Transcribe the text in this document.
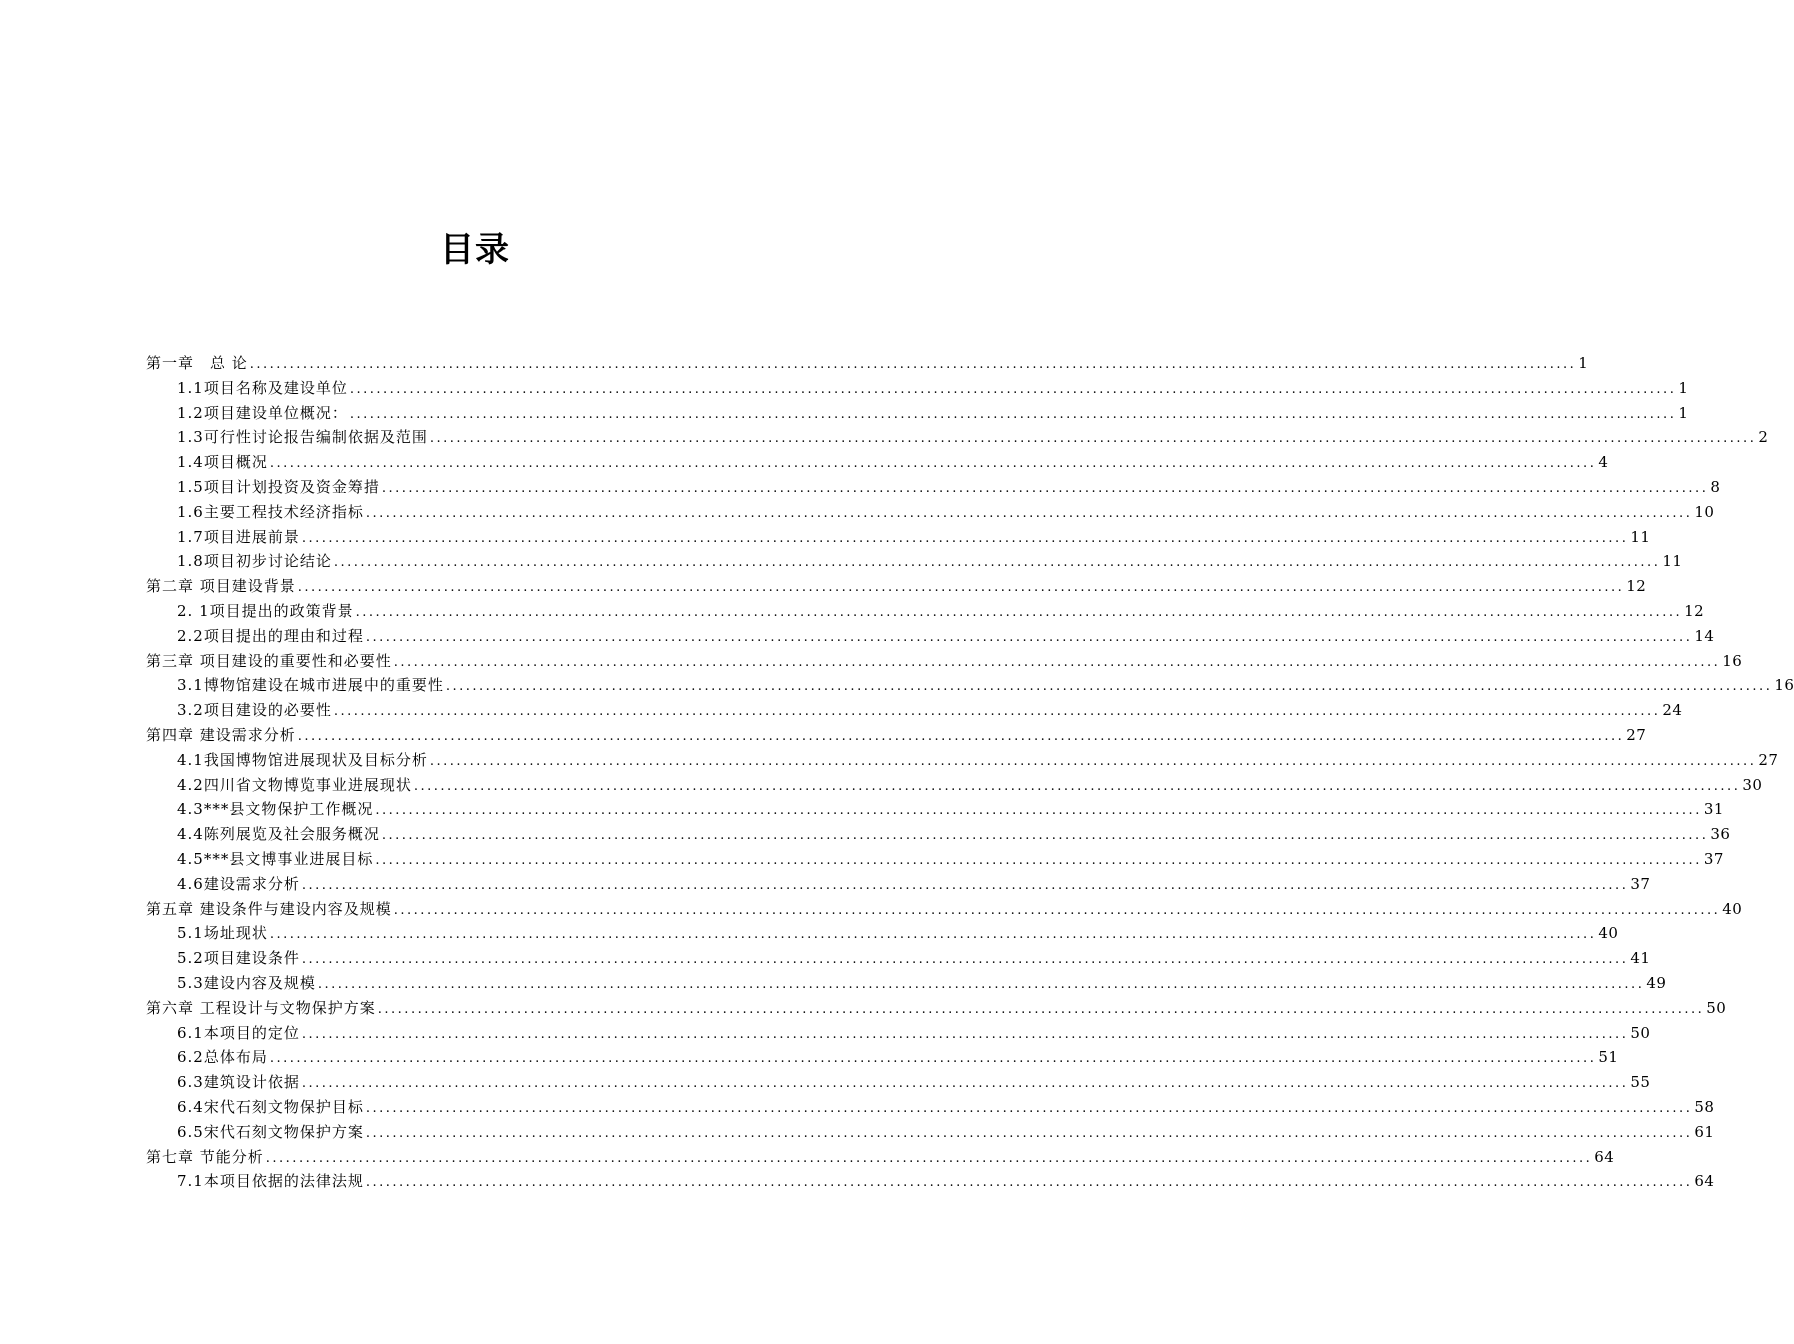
目录
第一章　总 论 ........................................................................................................................................................................................................ 1
1.1项目名称及建设单位 ........................................................................................................................................................................................................ 1
1.2项目建设单位概况： ........................................................................................................................................................................................................ 1
1.3可行性讨论报告编制依据及范围 ........................................................................................................................................................................................................ 2
1.4项目概况 ........................................................................................................................................................................................................ 4
1.5项目计划投资及资金筹措 ........................................................................................................................................................................................................ 8
1.6主要工程技术经济指标 ........................................................................................................................................................................................................ 10
1.7项目进展前景 ........................................................................................................................................................................................................ 11
1.8项目初步讨论结论 ........................................................................................................................................................................................................ 11
第二章 项目建设背景 ........................................................................................................................................................................................................ 12
2. 1项目提出的政策背景 ........................................................................................................................................................................................................ 12
2.2项目提出的理由和过程 ........................................................................................................................................................................................................ 14
第三章 项目建设的重要性和必要性 ........................................................................................................................................................................................................ 16
3.1博物馆建设在城市进展中的重要性 ........................................................................................................................................................................................................ 16
3.2项目建设的必要性 ........................................................................................................................................................................................................ 24
第四章 建设需求分析 ........................................................................................................................................................................................................ 27
4.1我国博物馆进展现状及目标分析 ........................................................................................................................................................................................................ 27
4.2四川省文物博览事业进展现状 ........................................................................................................................................................................................................ 30
4.3***县文物保护工作概况 ........................................................................................................................................................................................................ 31
4.4陈列展览及社会服务概况 ........................................................................................................................................................................................................ 36
4.5***县文博事业进展目标 ........................................................................................................................................................................................................ 37
4.6建设需求分析 ........................................................................................................................................................................................................ 37
第五章 建设条件与建设内容及规模 ........................................................................................................................................................................................................ 40
5.1场址现状 ........................................................................................................................................................................................................ 40
5.2项目建设条件 ........................................................................................................................................................................................................ 41
5.3建设内容及规模 ........................................................................................................................................................................................................ 49
第六章 工程设计与文物保护方案 ........................................................................................................................................................................................................ 50
6.1本项目的定位 ........................................................................................................................................................................................................ 50
6.2总体布局 ........................................................................................................................................................................................................ 51
6.3建筑设计依据 ........................................................................................................................................................................................................ 55
6.4宋代石刻文物保护目标 ........................................................................................................................................................................................................ 58
6.5宋代石刻文物保护方案 ........................................................................................................................................................................................................ 61
第七章 节能分析 ........................................................................................................................................................................................................ 64
7.1本项目依据的法律法规 ........................................................................................................................................................................................................ 64
